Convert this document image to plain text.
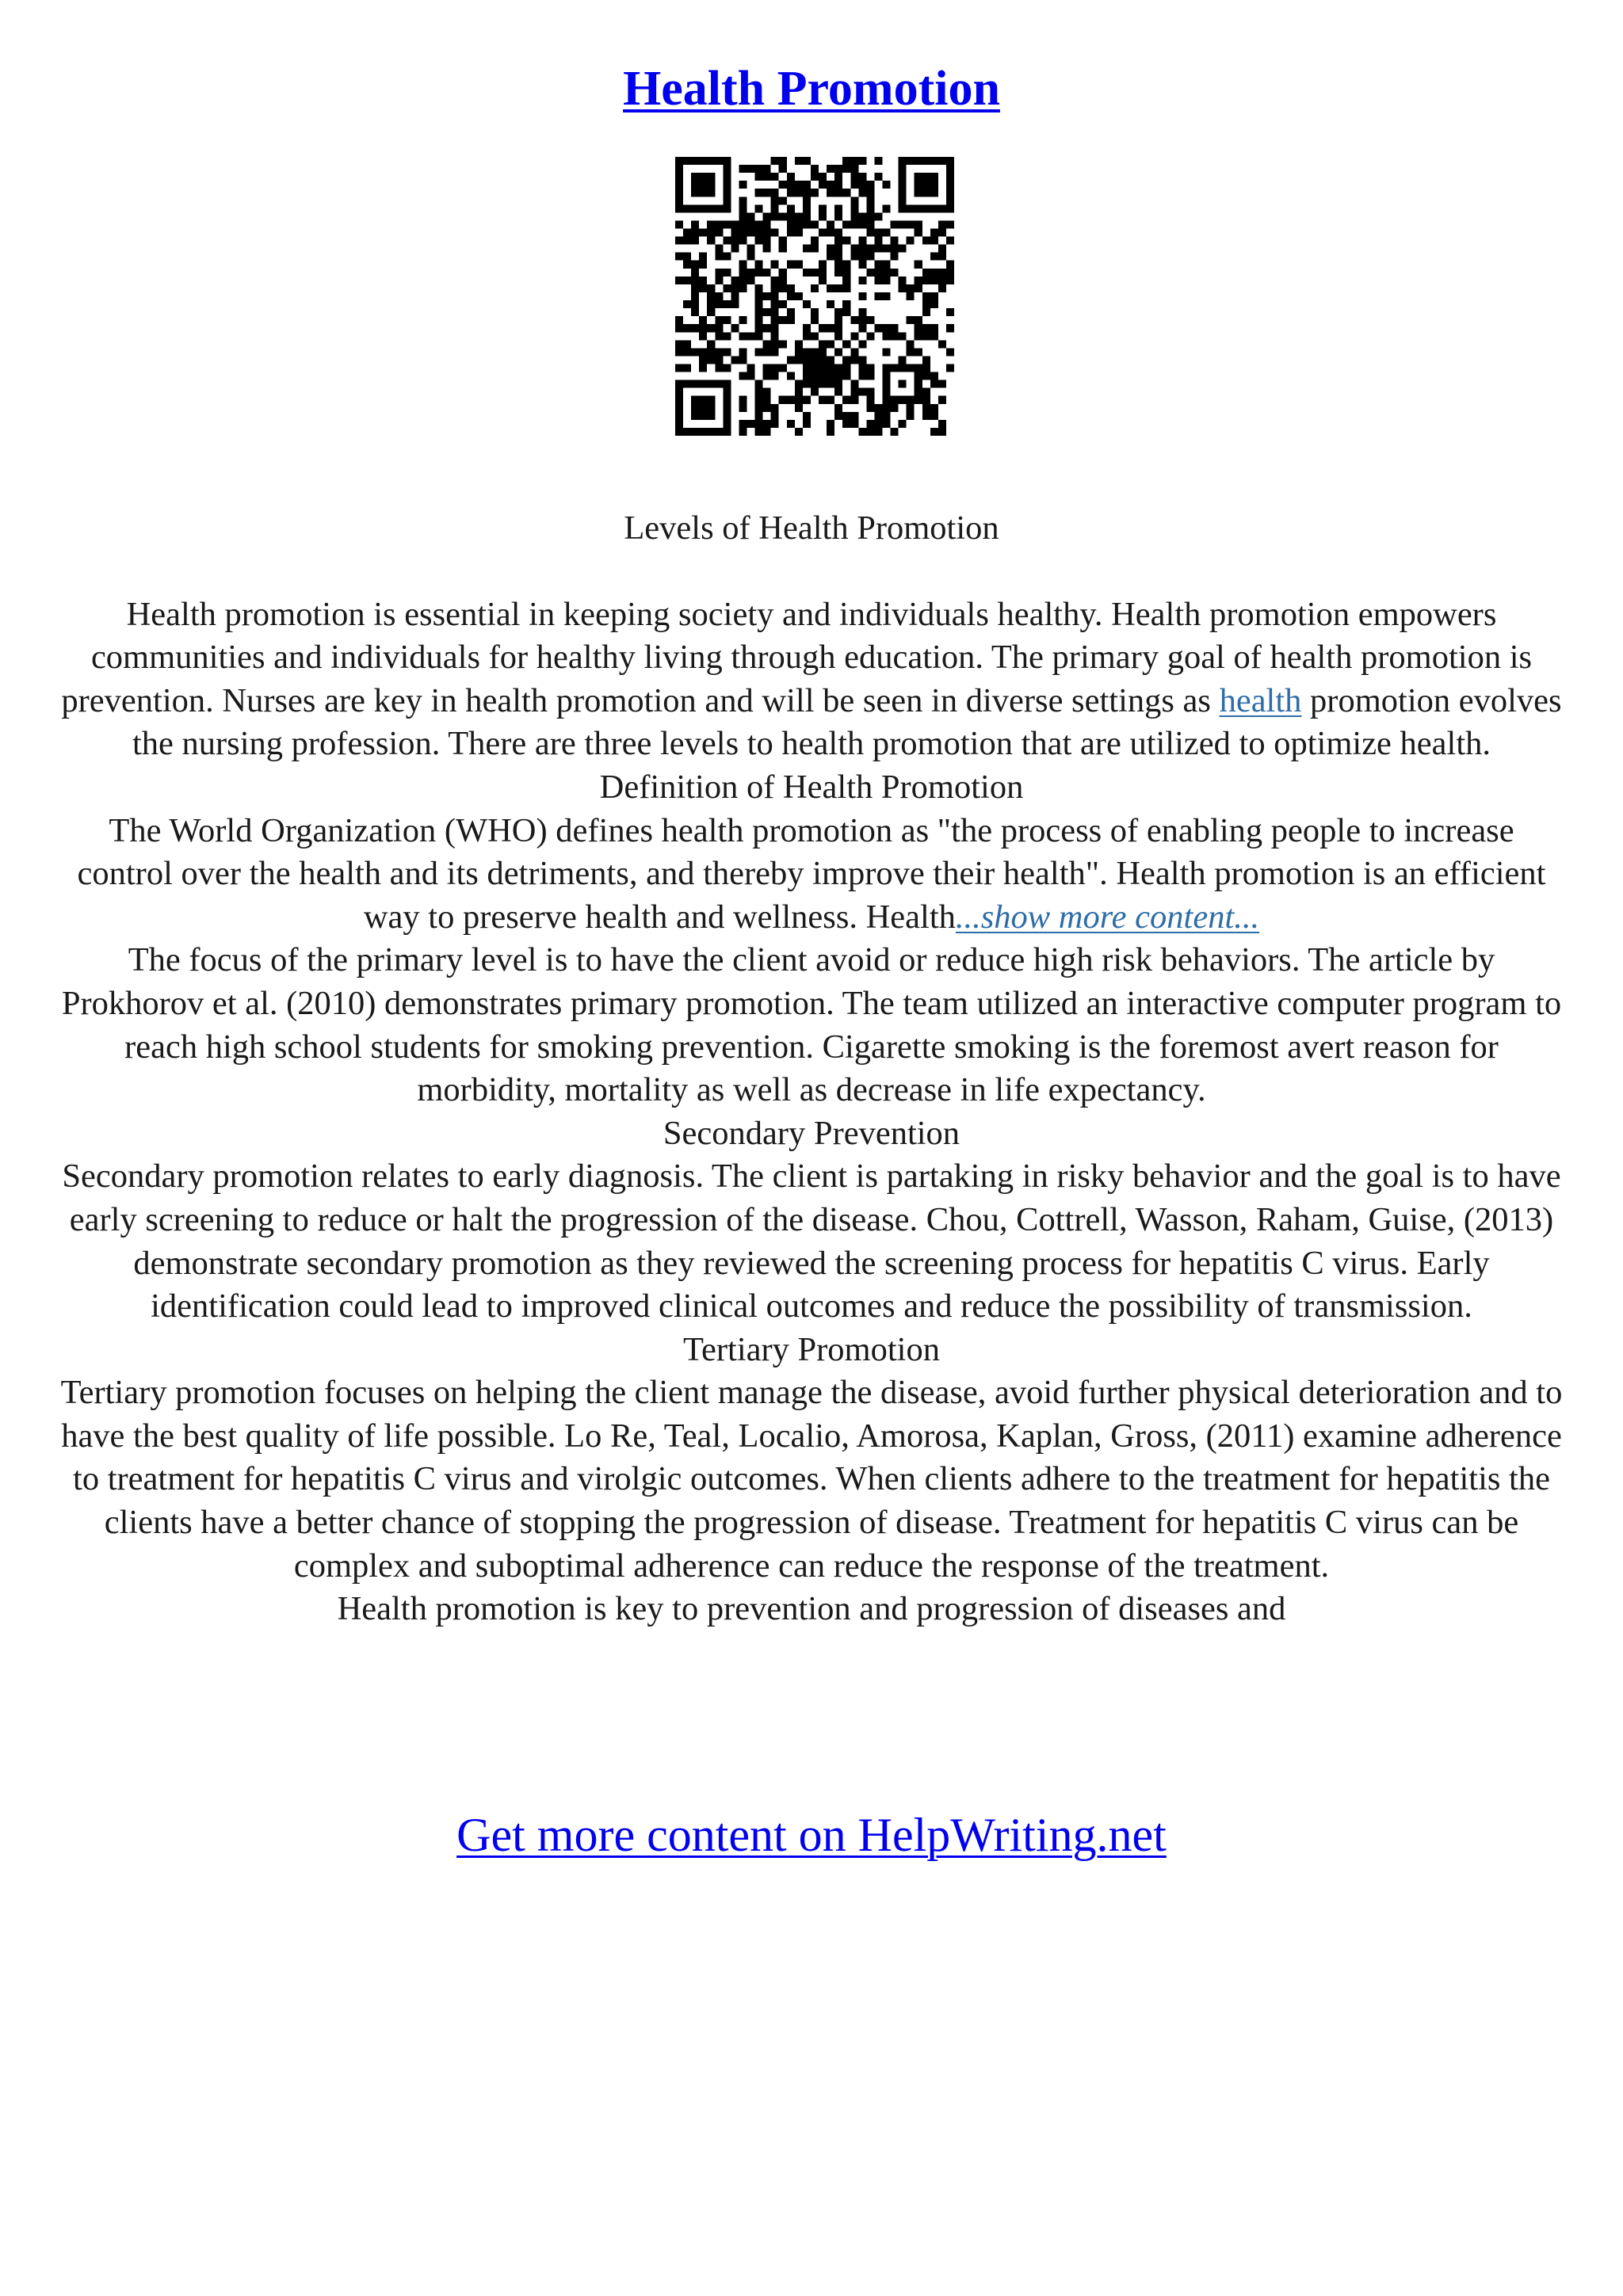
Health Promotion

Levels of Health Promotion

Health promotion is essential in keeping society and individuals healthy. Health promotion empowers communities and individuals for healthy living through education. The primary goal of health promotion is prevention. Nurses are key in health promotion and will be seen in diverse settings as health promotion evolves the nursing profession. There are three levels to health promotion that are utilized to optimize health.

Definition of Health Promotion

The World Organization (WHO) defines health promotion as "the process of enabling people to increase control over the health and its detriments, and thereby improve their health". Health promotion is an efficient way to preserve health and wellness. Health...show more content...

The focus of the primary level is to have the client avoid or reduce high risk behaviors. The article by Prokhorov et al. (2010) demonstrates primary promotion. The team utilized an interactive computer program to reach high school students for smoking prevention. Cigarette smoking is the foremost avert reason for morbidity, mortality as well as decrease in life expectancy.

Secondary Prevention

Secondary promotion relates to early diagnosis. The client is partaking in risky behavior and the goal is to have early screening to reduce or halt the progression of the disease. Chou, Cottrell, Wasson, Raham, Guise, (2013) demonstrate secondary promotion as they reviewed the screening process for hepatitis C virus. Early identification could lead to improved clinical outcomes and reduce the possibility of transmission.

Tertiary Promotion

Tertiary promotion focuses on helping the client manage the disease, avoid further physical deterioration and to have the best quality of life possible. Lo Re, Teal, Localio, Amorosa, Kaplan, Gross, (2011) examine adherence to treatment for hepatitis C virus and virolgic outcomes. When clients adhere to the treatment for hepatitis the clients have a better chance of stopping the progression of disease. Treatment for hepatitis C virus can be complex and suboptimal adherence can reduce the response of the treatment.

Health promotion is key to prevention and progression of diseases and

Get more content on HelpWriting.net
